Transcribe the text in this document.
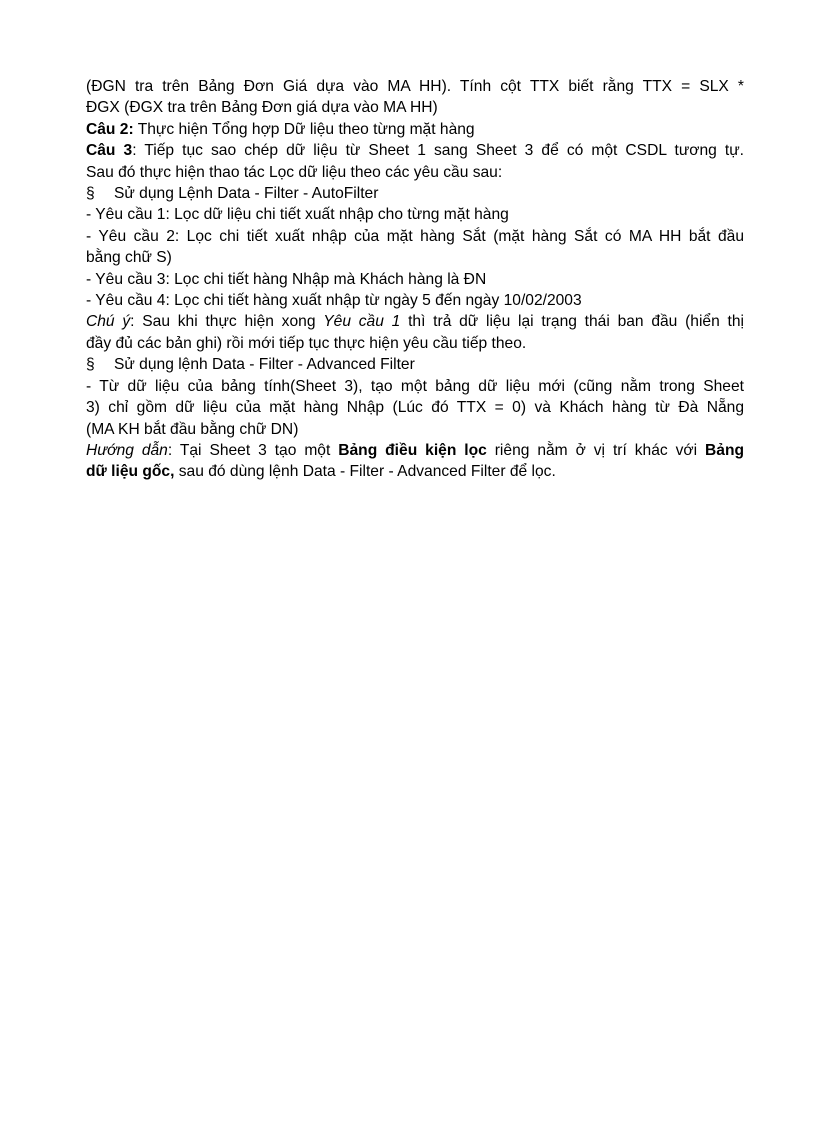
(ĐGN tra trên Bảng Đơn Giá dựa vào MA HH). Tính cột TTX biết rằng TTX = SLX *

ĐGX (ĐGX tra trên Bảng Đơn giá dựa vào MA HH)

Câu 2: Thực hiện Tổng hợp Dữ liệu theo từng mặt hàng

Câu 3: Tiếp tục sao chép dữ liệu từ Sheet 1 sang Sheet 3 để có một CSDL tương tự.

Sau đó thực hiện thao tác Lọc dữ liệu theo các yêu cầu sau:

§ Sử dụng Lệnh Data - Filter - AutoFilter

- Yêu cầu 1: Lọc dữ liệu chi tiết xuất nhập cho từng mặt hàng

- Yêu cầu 2: Lọc chi tiết xuất nhập của mặt hàng Sắt (mặt hàng Sắt có MA HH bắt đầu

bằng chữ S)

- Yêu cầu 3: Lọc chi tiết hàng Nhập mà Khách hàng là ĐN

- Yêu cầu 4: Lọc chi tiết hàng xuất nhập từ ngày 5 đến ngày 10/02/2003

Chú ý: Sau khi thực hiện xong Yêu cầu 1 thì trả dữ liệu lại trạng thái ban đầu (hiển thị

đầy đủ các bản ghi) rồi mới tiếp tục thực hiện yêu cầu tiếp theo.

§ Sử dụng lệnh Data - Filter - Advanced Filter

- Từ dữ liệu của bảng tính(Sheet 3), tạo một bảng dữ liệu mới (cũng nằm trong Sheet

3) chỉ gồm dữ liệu của mặt hàng Nhập (Lúc đó TTX = 0) và Khách hàng từ Đà Nẵng

(MA KH bắt đầu bằng chữ DN)

Hướng dẫn: Tại Sheet 3 tạo một Bảng điều kiện lọc riêng nằm ở vị trí khác với Bảng

dữ liệu gốc, sau đó dùng lệnh Data - Filter - Advanced Filter để lọc.
